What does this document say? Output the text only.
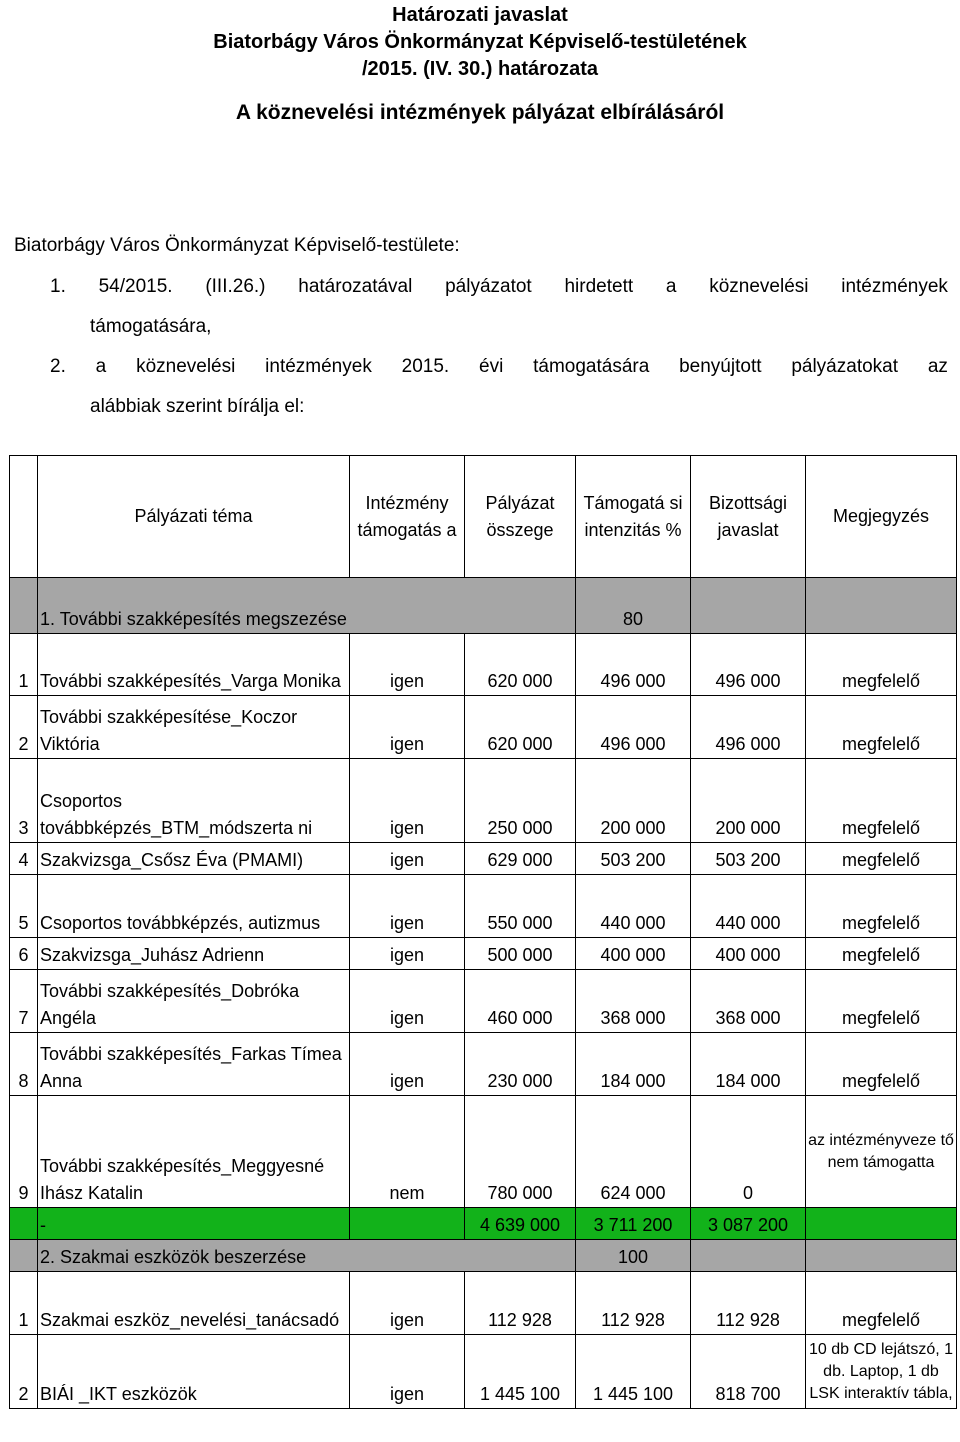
Határozati javaslat
Biatorbágy Város Önkormányzat Képviselő-testületének
/2015. (IV. 30.) határozata
A köznevelési intézmények pályázat elbírálásáról
Biatorbágy Város Önkormányzat Képviselő-testülete:
1. 54/2015. (III.26.) határozatával pályázatot hirdetett a köznevelési intézmények
támogatására,
2. a köznevelési intézmények 2015. évi támogatására benyújtott pályázatokat az
alábbiak szerint bírálja el:
	Pályázati téma	Intézmény támogatás a	Pályázat összege	Támogatá si intenzitás %	Bizottsági javaslat	Megjegyzés
	1. További szakképesítés megszezése			80		
1	További szakképesítés_Varga Monika	igen	620 000	496 000	496 000	megfelelő
2	További szakképesítése_Koczor Viktória	igen	620 000	496 000	496 000	megfelelő
3	Csoportos továbbképzés_BTM_módszerta ni	igen	250 000	200 000	200 000	megfelelő
4	Szakvizsga_Csősz Éva (PMAMI)	igen	629 000	503 200	503 200	megfelelő
5	Csoportos továbbképzés, autizmus	igen	550 000	440 000	440 000	megfelelő
6	Szakvizsga_Juhász Adrienn	igen	500 000	400 000	400 000	megfelelő
7	További szakképesítés_Dobróka Angéla	igen	460 000	368 000	368 000	megfelelő
8	További szakképesítés_Farkas Tímea Anna	igen	230 000	184 000	184 000	megfelelő
9	További szakképesítés_Meggyesné Ihász Katalin	nem	780 000	624 000	0	az intézményveze tő nem támogatta
	-		4 639 000	3 711 200	3 087 200	
	2. Szakmai eszközök beszerzése			100		
1	Szakmai eszköz_nevelési_tanácsadó	igen	112 928	112 928	112 928	megfelelő
2	BIÁI _IKT eszközök	igen	1 445 100	1 445 100	818 700	10 db CD lejátszó, 1 db. Laptop, 1 db LSK interaktív tábla,
